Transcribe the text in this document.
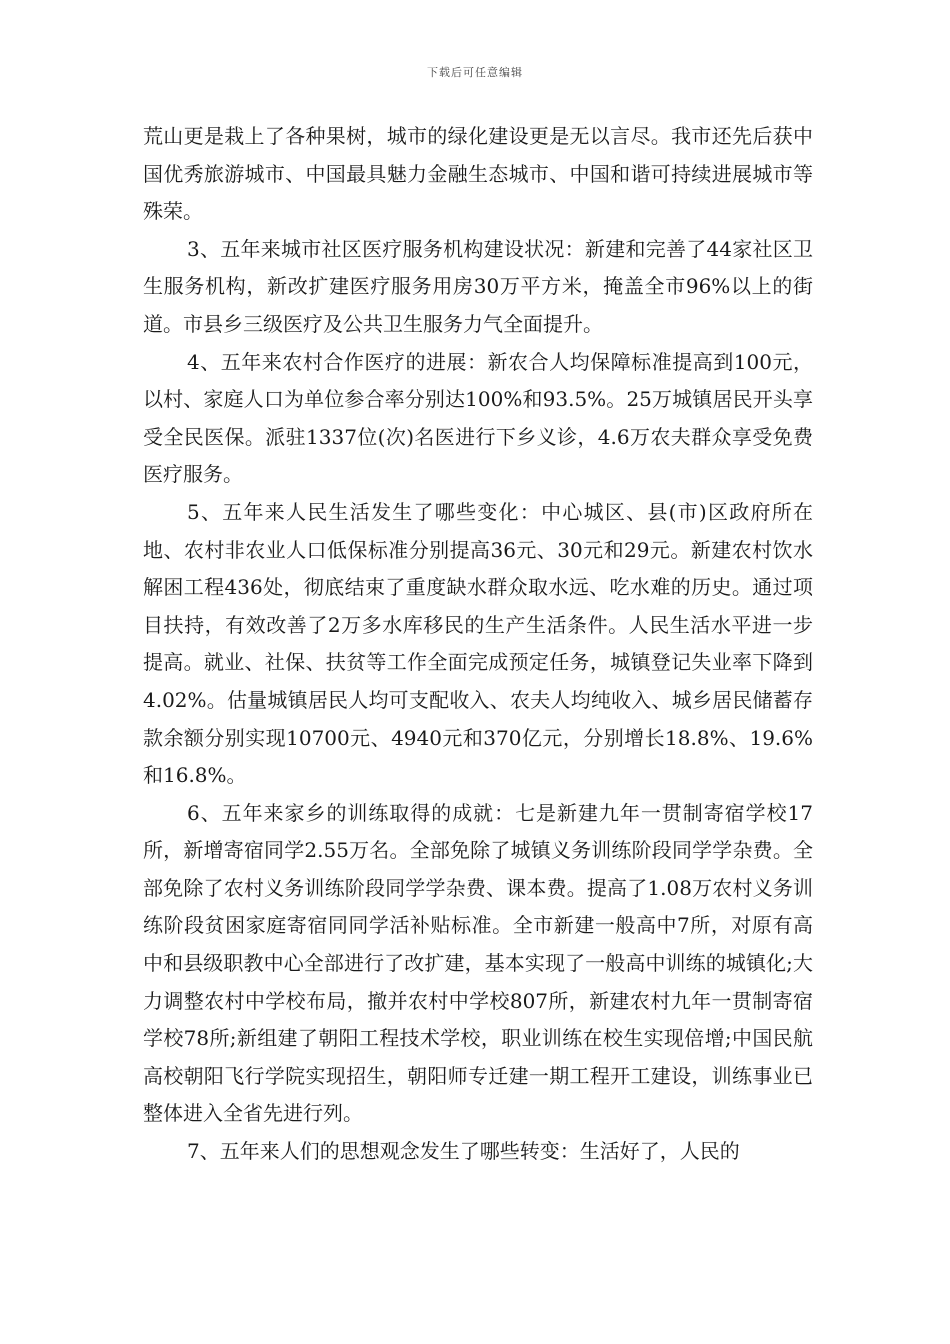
下载后可任意编辑

荒山更是栽上了各种果树，城市的绿化建设更是无以言尽。我市还先后获中国优秀旅游城市、中国最具魅力金融生态城市、中国和谐可持续进展城市等殊荣。

3、五年来城市社区医疗服务机构建设状况：新建和完善了44家社区卫生服务机构，新改扩建医疗服务用房30万平方米，掩盖全市96%以上的街道。市县乡三级医疗及公共卫生服务力气全面提升。

4、五年来农村合作医疗的进展：新农合人均保障标准提高到100元，以村、家庭人口为单位参合率分别达100%和93.5%。25万城镇居民开头享受全民医保。派驻1337位(次)名医进行下乡义诊，4.6万农夫群众享受免费医疗服务。

5、五年来人民生活发生了哪些变化：中心城区、县(市)区政府所在地、农村非农业人口低保标准分别提高36元、30元和29元。新建农村饮水解困工程436处，彻底结束了重度缺水群众取水远、吃水难的历史。通过项目扶持，有效改善了2万多水库移民的生产生活条件。人民生活水平进一步提高。就业、社保、扶贫等工作全面完成预定任务，城镇登记失业率下降到4.02%。估量城镇居民人均可支配收入、农夫人均纯收入、城乡居民储蓄存款余额分别实现10700元、4940元和370亿元，分别增长18.8%、19.6%和16.8%。

6、五年来家乡的训练取得的成就：七是新建九年一贯制寄宿学校17所，新增寄宿同学2.55万名。全部免除了城镇义务训练阶段同学学杂费。全部免除了农村义务训练阶段同学学杂费、课本费。提高了1.08万农村义务训练阶段贫困家庭寄宿同同学活补贴标准。全市新建一般高中7所，对原有高中和县级职教中心全部进行了改扩建，基本实现了一般高中训练的城镇化;大力调整农村中学校布局，撤并农村中学校807所，新建农村九年一贯制寄宿学校78所;新组建了朝阳工程技术学校，职业训练在校生实现倍增;中国民航高校朝阳飞行学院实现招生，朝阳师专迁建一期工程开工建设，训练事业已整体进入全省先进行列。

7、五年来人们的思想观念发生了哪些转变：生活好了，人民的
